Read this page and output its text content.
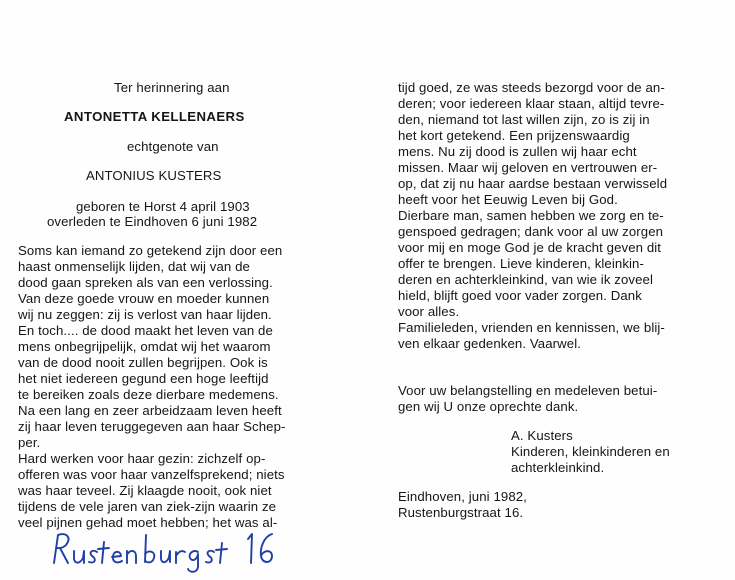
Ter herinnering aan
ANTONETTA KELLENAERS
echtgenote van
ANTONIUS KUSTERS
geboren te Horst 4 april 1903
overleden te Eindhoven 6 juni 1982
Soms kan iemand zo getekend zijn door een
haast onmenselijk lijden, dat wij van de
dood gaan spreken als van een verlossing.
Van deze goede vrouw en moeder kunnen
wij nu zeggen: zij is verlost van haar lijden.
En toch.... de dood maakt het leven van de
mens onbegrijpelijk, omdat wij het waarom
van de dood nooit zullen begrijpen. Ook is
het niet iedereen gegund een hoge leeftijd
te bereiken zoals deze dierbare medemens.
Na een lang en zeer arbeidzaam leven heeft
zij haar leven teruggegeven aan haar Schep-
per.
Hard werken voor haar gezin: zichzelf op-
offeren was voor haar vanzelfsprekend; niets
was haar teveel. Zij klaagde nooit, ook niet
tijdens de vele jaren van ziek-zijn waarin ze
veel pijnen gehad moet hebben; het was al-
tijd goed, ze was steeds bezorgd voor de an-
deren; voor iedereen klaar staan, altijd tevre-
den, niemand tot last willen zijn, zo is zij in
het kort getekend. Een prijzenswaardig
mens. Nu zij dood is zullen wij haar echt
missen. Maar wij geloven en vertrouwen er-
op, dat zij nu haar aardse bestaan verwisseld
heeft voor het Eeuwig Leven bij God.
Dierbare man, samen hebben we zorg en te-
genspoed gedragen; dank voor al uw zorgen
voor mij en moge God je de kracht geven dit
offer te brengen. Lieve kinderen, kleinkin-
deren en achterkleinkind, van wie ik zoveel
hield, blijft goed voor vader zorgen. Dank
voor alles.
Familieleden, vrienden en kennissen, we blij-
ven elkaar gedenken. Vaarwel.
Voor uw belangstelling en medeleven betui-
gen wij U onze oprechte dank.
A. Kusters
Kinderen, kleinkinderen en
achterkleinkind.
Eindhoven, juni 1982,
Rustenburgstraat 16.
